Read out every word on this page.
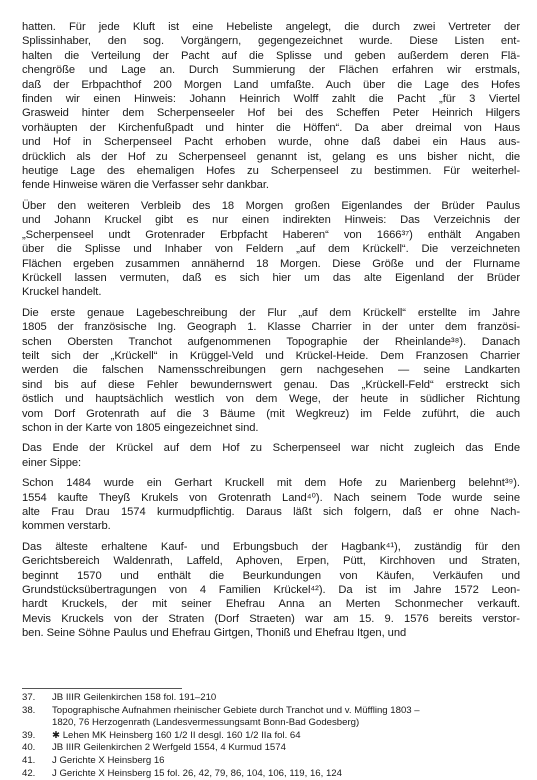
hatten. Für jede Kluft ist eine Hebeliste angelegt, die durch zwei Vertreter der
Splissinhaber, den sog. Vorgängern, gegengezeichnet wurde. Diese Listen ent-
halten die Verteilung der Pacht auf die Splisse und geben außerdem deren Flä-
chengröße und Lage an. Durch Summierung der Flächen erfahren wir erstmals,
daß der Erbpachthof 200 Morgen Land umfaßte. Auch über die Lage des Hofes
finden wir einen Hinweis: Johann Heinrich Wolff zahlt die Pacht „für 3 Viertel
Grasweid hinter dem Scherpenseeler Hof bei des Scheffen Peter Heinrich Hilgers
vorhäupten der Kirchenfußpadt und hinter die Höffen“. Da aber dreimal von Haus
und Hof in Scherpenseel Pacht erhoben wurde, ohne daß dabei ein Haus aus-
drücklich als der Hof zu Scherpenseel genannt ist, gelang es uns bisher nicht, die
heutige Lage des ehemaligen Hofes zu Scherpenseel zu bestimmen. Für weiterhel-
fende Hinweise wären die Verfasser sehr dankbar.

Über den weiteren Verbleib des 18 Morgen großen Eigenlandes der Brüder Paulus
und Johann Kruckel gibt es nur einen indirekten Hinweis: Das Verzeichnis der
„Scherpenseel undt Grotenrader Erbpfacht Haberen“ von 1666³⁷) enthält Angaben
über die Splisse und Inhaber von Feldern „auf dem Krückell“. Die verzeichneten
Flächen ergeben zusammen annähernd 18 Morgen. Diese Größe und der Flurname
Krückell lassen vermuten, daß es sich hier um das alte Eigenland der Brüder
Kruckel handelt.

Die erste genaue Lagebeschreibung der Flur „auf dem Krückell“ erstellte im Jahre
1805 der französische Ing. Geograph 1. Klasse Charrier in der unter dem französi-
schen Obersten Tranchot aufgenommenen Topographie der Rheinlande³⁸). Danach
teilt sich der „Krückell“ in Krüggel-Veld und Krückel-Heide. Dem Franzosen Charrier
werden die falschen Namensschreibungen gern nachgesehen — seine Landkarten
sind bis auf diese Fehler bewundernswert genau. Das „Krückell-Feld“ erstreckt sich
östlich und hauptsächlich westlich von dem Wege, der heute in südlicher Richtung
vom Dorf Grotenrath auf die 3 Bäume (mit Wegkreuz) im Felde zuführt, die auch
schon in der Karte von 1805 eingezeichnet sind.

Das Ende der Krückel auf dem Hof zu Scherpenseel war nicht zugleich das Ende
einer Sippe:

Schon 1484 wurde ein Gerhart Kruckell mit dem Hofe zu Marienberg belehnt³⁹).
1554 kaufte Theyß Krukels von Grotenrath Land⁴⁰). Nach seinem Tode wurde seine
alte Frau Drau 1574 kurmudpflichtig. Daraus läßt sich folgern, daß er ohne Nach-
kommen verstarb.

Das älteste erhaltene Kauf- und Erbungsbuch der Hagbank⁴¹), zuständig für den
Gerichtsbereich Waldenrath, Laffeld, Aphoven, Erpen, Pütt, Kirchhoven und Straten,
beginnt 1570 und enthält die Beurkundungen von Käufen, Verkäufen und
Grundstücksübertragungen von 4 Familien Krückel⁴²). Da ist im Jahre 1572 Leon-
hardt Kruckels, der mit seiner Ehefrau Anna an Merten Schonmecher verkauft.
Mevis Kruckels von der Straten (Dorf Straeten) war am 15. 9. 1576 bereits verstor-
ben. Seine Söhne Paulus und Ehefrau Girtgen, Thoniß und Ehefrau Itgen, und

37.	JB IIIR Geilenkirchen 158 fol. 191–210
38.	Topographische Aufnahmen rheinischer Gebiete durch Tranchot und v. Müffling 1803 –
1820, 76 Herzogenrath (Landesvermessungsamt Bonn-Bad Godesberg)
39.	✱ Lehen MK Heinsberg 160 1/2 II desgl. 160 1/2 IIa fol. 64
40.	JB IIIR Geilenkirchen 2 Werfgeld 1554, 4 Kurmud 1574
41.	J Gerichte X Heinsberg 16
42.	J Gerichte X Heinsberg 15 fol. 26, 42, 79, 86, 104, 106, 119, 16, 124
